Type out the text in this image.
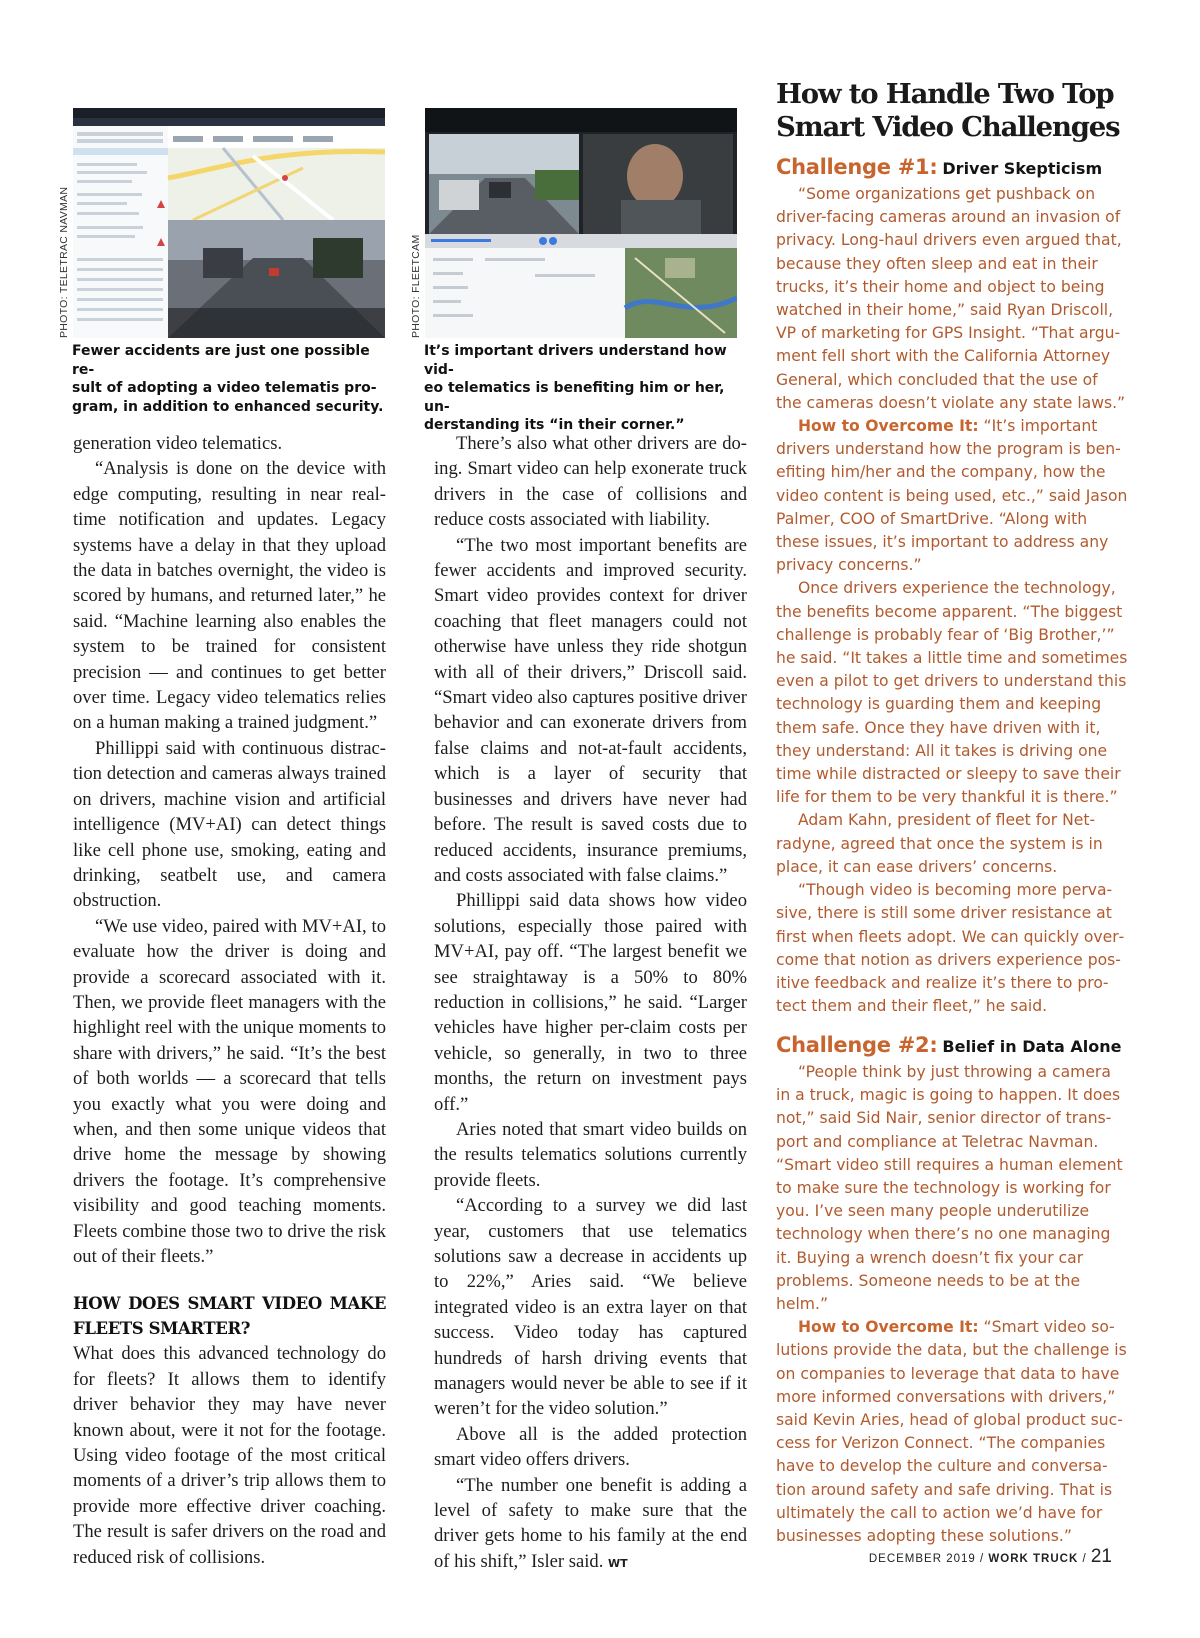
PHOTO: TELETRAC NAVMAN
Fewer accidents are just one possible re-
sult of adopting a video telematis pro-
gram, in addition to enhanced security.
PHOTO: FLEETCAM
It’s important drivers understand how vid-
eo telematics is benefiting him or her, un-
derstanding its “in their corner.”

generation video telematics.

“Analysis is done on the device with edge computing, resulting in near real-time notification and updates. Legacy systems have a delay in that they upload the data in batches overnight, the video is scored by humans, and returned later,” he said. “Machine learning also enables the system to be trained for consistent precision — and continues to get better over time. Legacy video telematics relies on a human making a trained judgment.”

Phillippi said with continuous distraction detection and cameras always trained on drivers, machine vision and artificial intelligence (MV+AI) can detect things like cell phone use, smoking, eating and drinking, seatbelt use, and camera obstruction.

“We use video, paired with MV+AI, to evaluate how the driver is doing and provide a scorecard associated with it. Then, we provide fleet managers with the highlight reel with the unique moments to share with drivers,” he said. “It’s the best of both worlds — a scorecard that tells you exactly what you were doing and when, and then some unique videos that drive home the message by showing drivers the footage. It’s comprehensive visibility and good teaching moments. Fleets combine those two to drive the risk out of their fleets.”

HOW DOES SMART VIDEO MAKE FLEETS SMARTER?

What does this advanced technology do for fleets? It allows them to identify driver behavior they may have never known about, were it not for the footage. Using video footage of the most critical moments of a driver’s trip allows them to provide more effective driver coaching. The result is safer drivers on the road and reduced risk of collisions.

There’s also what other drivers are doing. Smart video can help exonerate truck drivers in the case of collisions and reduce costs associated with liability.

“The two most important benefits are fewer accidents and improved security. Smart video provides context for driver coaching that fleet managers could not otherwise have unless they ride shotgun with all of their drivers,” Driscoll said. “Smart video also captures positive driver behavior and can exonerate drivers from false claims and not-at-fault accidents, which is a layer of security that businesses and drivers have never had before. The result is saved costs due to reduced accidents, insurance premiums, and costs associated with false claims.”

Phillippi said data shows how video solutions, especially those paired with MV+AI, pay off. “The largest benefit we see straightaway is a 50% to 80% reduction in collisions,” he said. “Larger vehicles have higher per-claim costs per vehicle, so generally, in two to three months, the return on investment pays off.”

Aries noted that smart video builds on the results telematics solutions currently provide fleets.

“According to a survey we did last year, customers that use telematics solutions saw a decrease in accidents up to 22%,” Aries said. “We believe integrated video is an extra layer on that success. Video today has captured hundreds of harsh driving events that managers would never be able to see if it weren’t for the video solution.”

Above all is the added protection smart video offers drivers.

“The number one benefit is adding a level of safety to make sure that the driver gets home to his family at the end of his shift,” Isler said. WT

How to Handle Two Top Smart Video Challenges

Challenge #1: Driver Skepticism

“Some organizations get pushback on driver-facing cameras around an invasion of privacy. Long-haul drivers even argued that, because they often sleep and eat in their trucks, it’s their home and object to being watched in their home,” said Ryan Driscoll, VP of marketing for GPS Insight. “That argument fell short with the California Attorney General, which concluded that the use of the cameras doesn’t violate any state laws.”

How to Overcome It: “It’s important drivers understand how the program is benefiting him/her and the company, how the video content is being used, etc.,” said Jason Palmer, COO of SmartDrive. “Along with these issues, it’s important to address any privacy concerns.”

Once drivers experience the technology, the benefits become apparent. “The biggest challenge is probably fear of ‘Big Brother,’” he said. “It takes a little time and sometimes even a pilot to get drivers to understand this technology is guarding them and keeping them safe. Once they have driven with it, they understand: All it takes is driving one time while distracted or sleepy to save their life for them to be very thankful it is there.”

Adam Kahn, president of fleet for Netradyne, agreed that once the system is in place, it can ease drivers’ concerns.

“Though video is becoming more pervasive, there is still some driver resistance at first when fleets adopt. We can quickly overcome that notion as drivers experience positive feedback and realize it’s there to protect them and their fleet,” he said.

Challenge #2: Belief in Data Alone

“People think by just throwing a camera in a truck, magic is going to happen. It does not,” said Sid Nair, senior director of transport and compliance at Teletrac Navman. “Smart video still requires a human element to make sure the technology is working for you. I’ve seen many people underutilize technology when there’s no one managing it. Buying a wrench doesn’t fix your car problems. Someone needs to be at the helm.”

How to Overcome It: “Smart video solutions provide the data, but the challenge is on companies to leverage that data to have more informed conversations with drivers,” said Kevin Aries, head of global product success for Verizon Connect. “The companies have to develop the culture and conversation around safety and safe driving. That is ultimately the call to action we’d have for businesses adopting these solutions.”

DECEMBER 2019 / WORK TRUCK / 21
